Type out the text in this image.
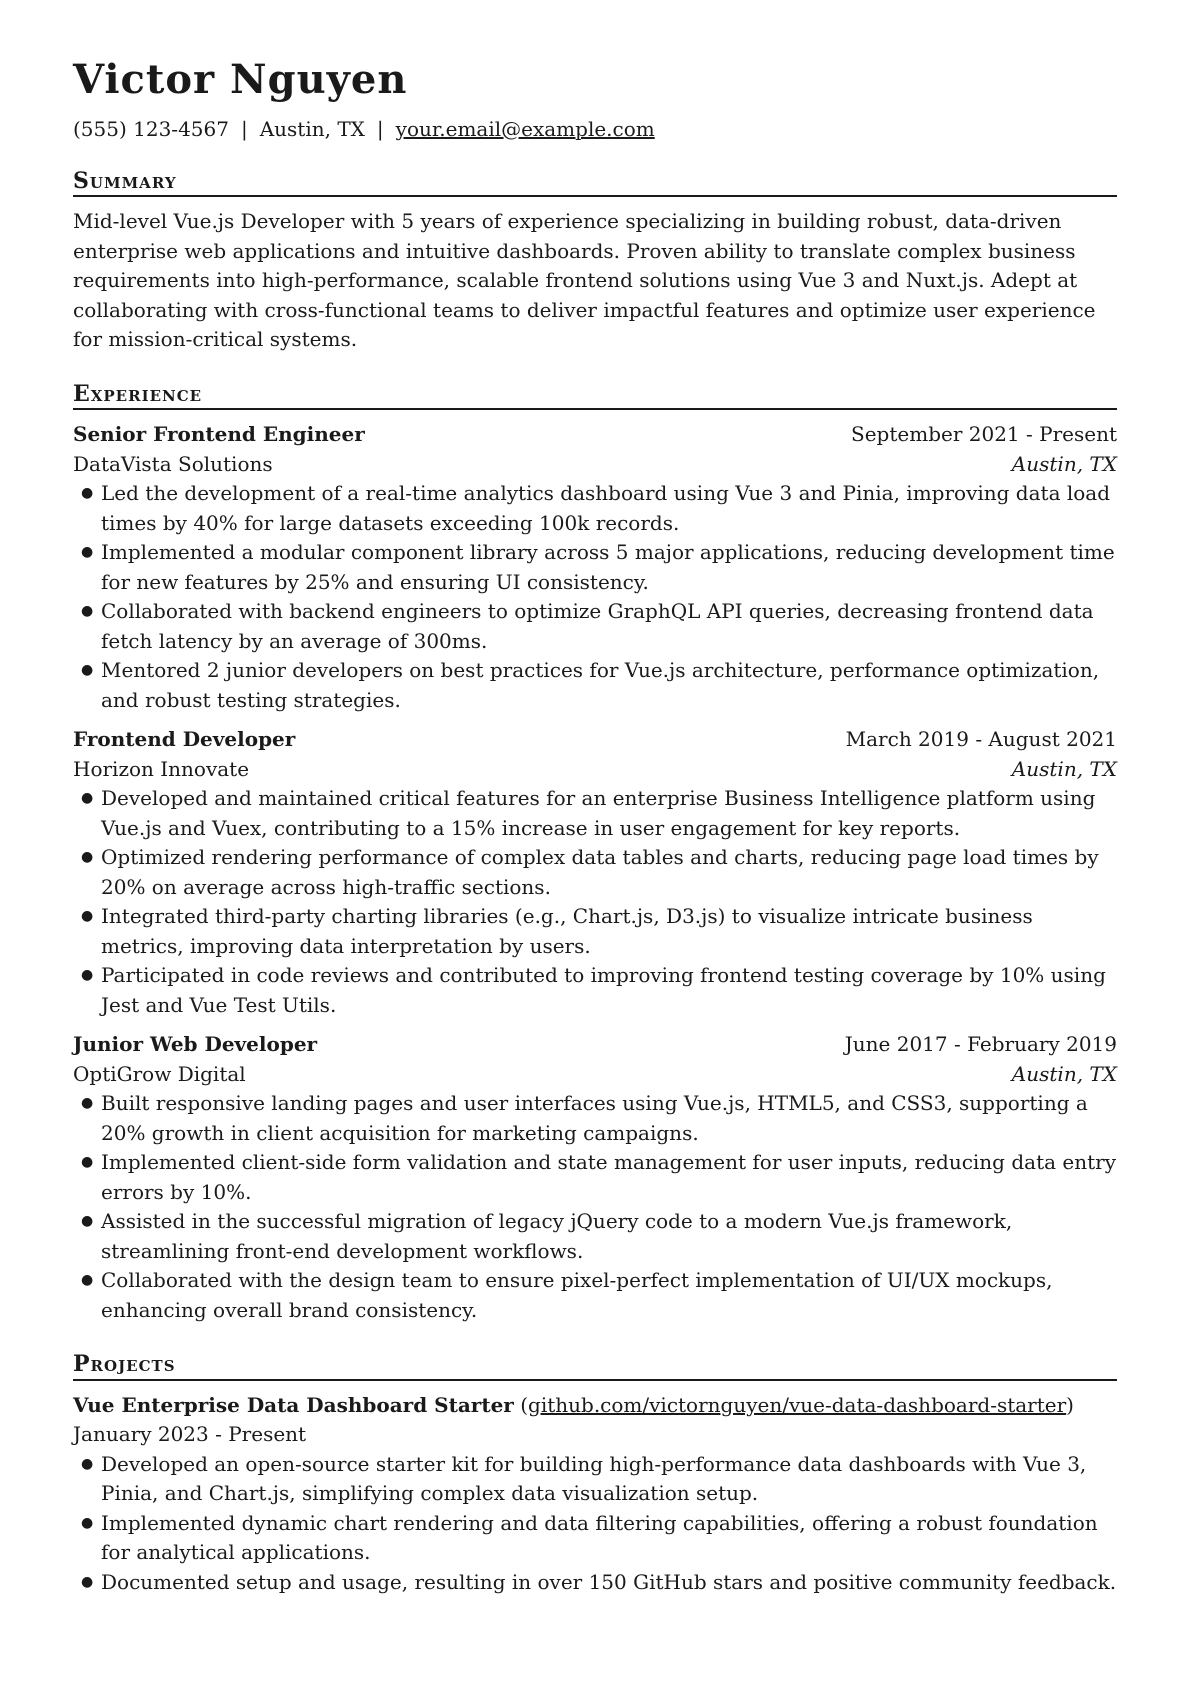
Victor Nguyen
(555) 123-4567 | Austin, TX | your.email@example.com
Summary
Mid-level Vue.js Developer with 5 years of experience specializing in building robust, data-driven enterprise web applications and intuitive dashboards. Proven ability to translate complex business requirements into high-performance, scalable frontend solutions using Vue 3 and Nuxt.js. Adept at collaborating with cross-functional teams to deliver impactful features and optimize user experience for mission-critical systems.
Experience
Senior Frontend Engineer	September 2021 - Present
DataVista Solutions	Austin, TX
● Led the development of a real-time analytics dashboard using Vue 3 and Pinia, improving data load times by 40% for large datasets exceeding 100k records.
● Implemented a modular component library across 5 major applications, reducing development time for new features by 25% and ensuring UI consistency.
● Collaborated with backend engineers to optimize GraphQL API queries, decreasing frontend data fetch latency by an average of 300ms.
● Mentored 2 junior developers on best practices for Vue.js architecture, performance optimization, and robust testing strategies.
Frontend Developer	March 2019 - August 2021
Horizon Innovate	Austin, TX
● Developed and maintained critical features for an enterprise Business Intelligence platform using Vue.js and Vuex, contributing to a 15% increase in user engagement for key reports.
● Optimized rendering performance of complex data tables and charts, reducing page load times by 20% on average across high-traffic sections.
● Integrated third-party charting libraries (e.g., Chart.js, D3.js) to visualize intricate business metrics, improving data interpretation by users.
● Participated in code reviews and contributed to improving frontend testing coverage by 10% using Jest and Vue Test Utils.
Junior Web Developer	June 2017 - February 2019
OptiGrow Digital	Austin, TX
● Built responsive landing pages and user interfaces using Vue.js, HTML5, and CSS3, supporting a 20% growth in client acquisition for marketing campaigns.
● Implemented client-side form validation and state management for user inputs, reducing data entry errors by 10%.
● Assisted in the successful migration of legacy jQuery code to a modern Vue.js framework, streamlining front-end development workflows.
● Collaborated with the design team to ensure pixel-perfect implementation of UI/UX mockups, enhancing overall brand consistency.
Projects
Vue Enterprise Data Dashboard Starter (github.com/victornguyen/vue-data-dashboard-starter) January 2023 - Present
● Developed an open-source starter kit for building high-performance data dashboards with Vue 3, Pinia, and Chart.js, simplifying complex data visualization setup.
● Implemented dynamic chart rendering and data filtering capabilities, offering a robust foundation for analytical applications.
● Documented setup and usage, resulting in over 150 GitHub stars and positive community feedback.
